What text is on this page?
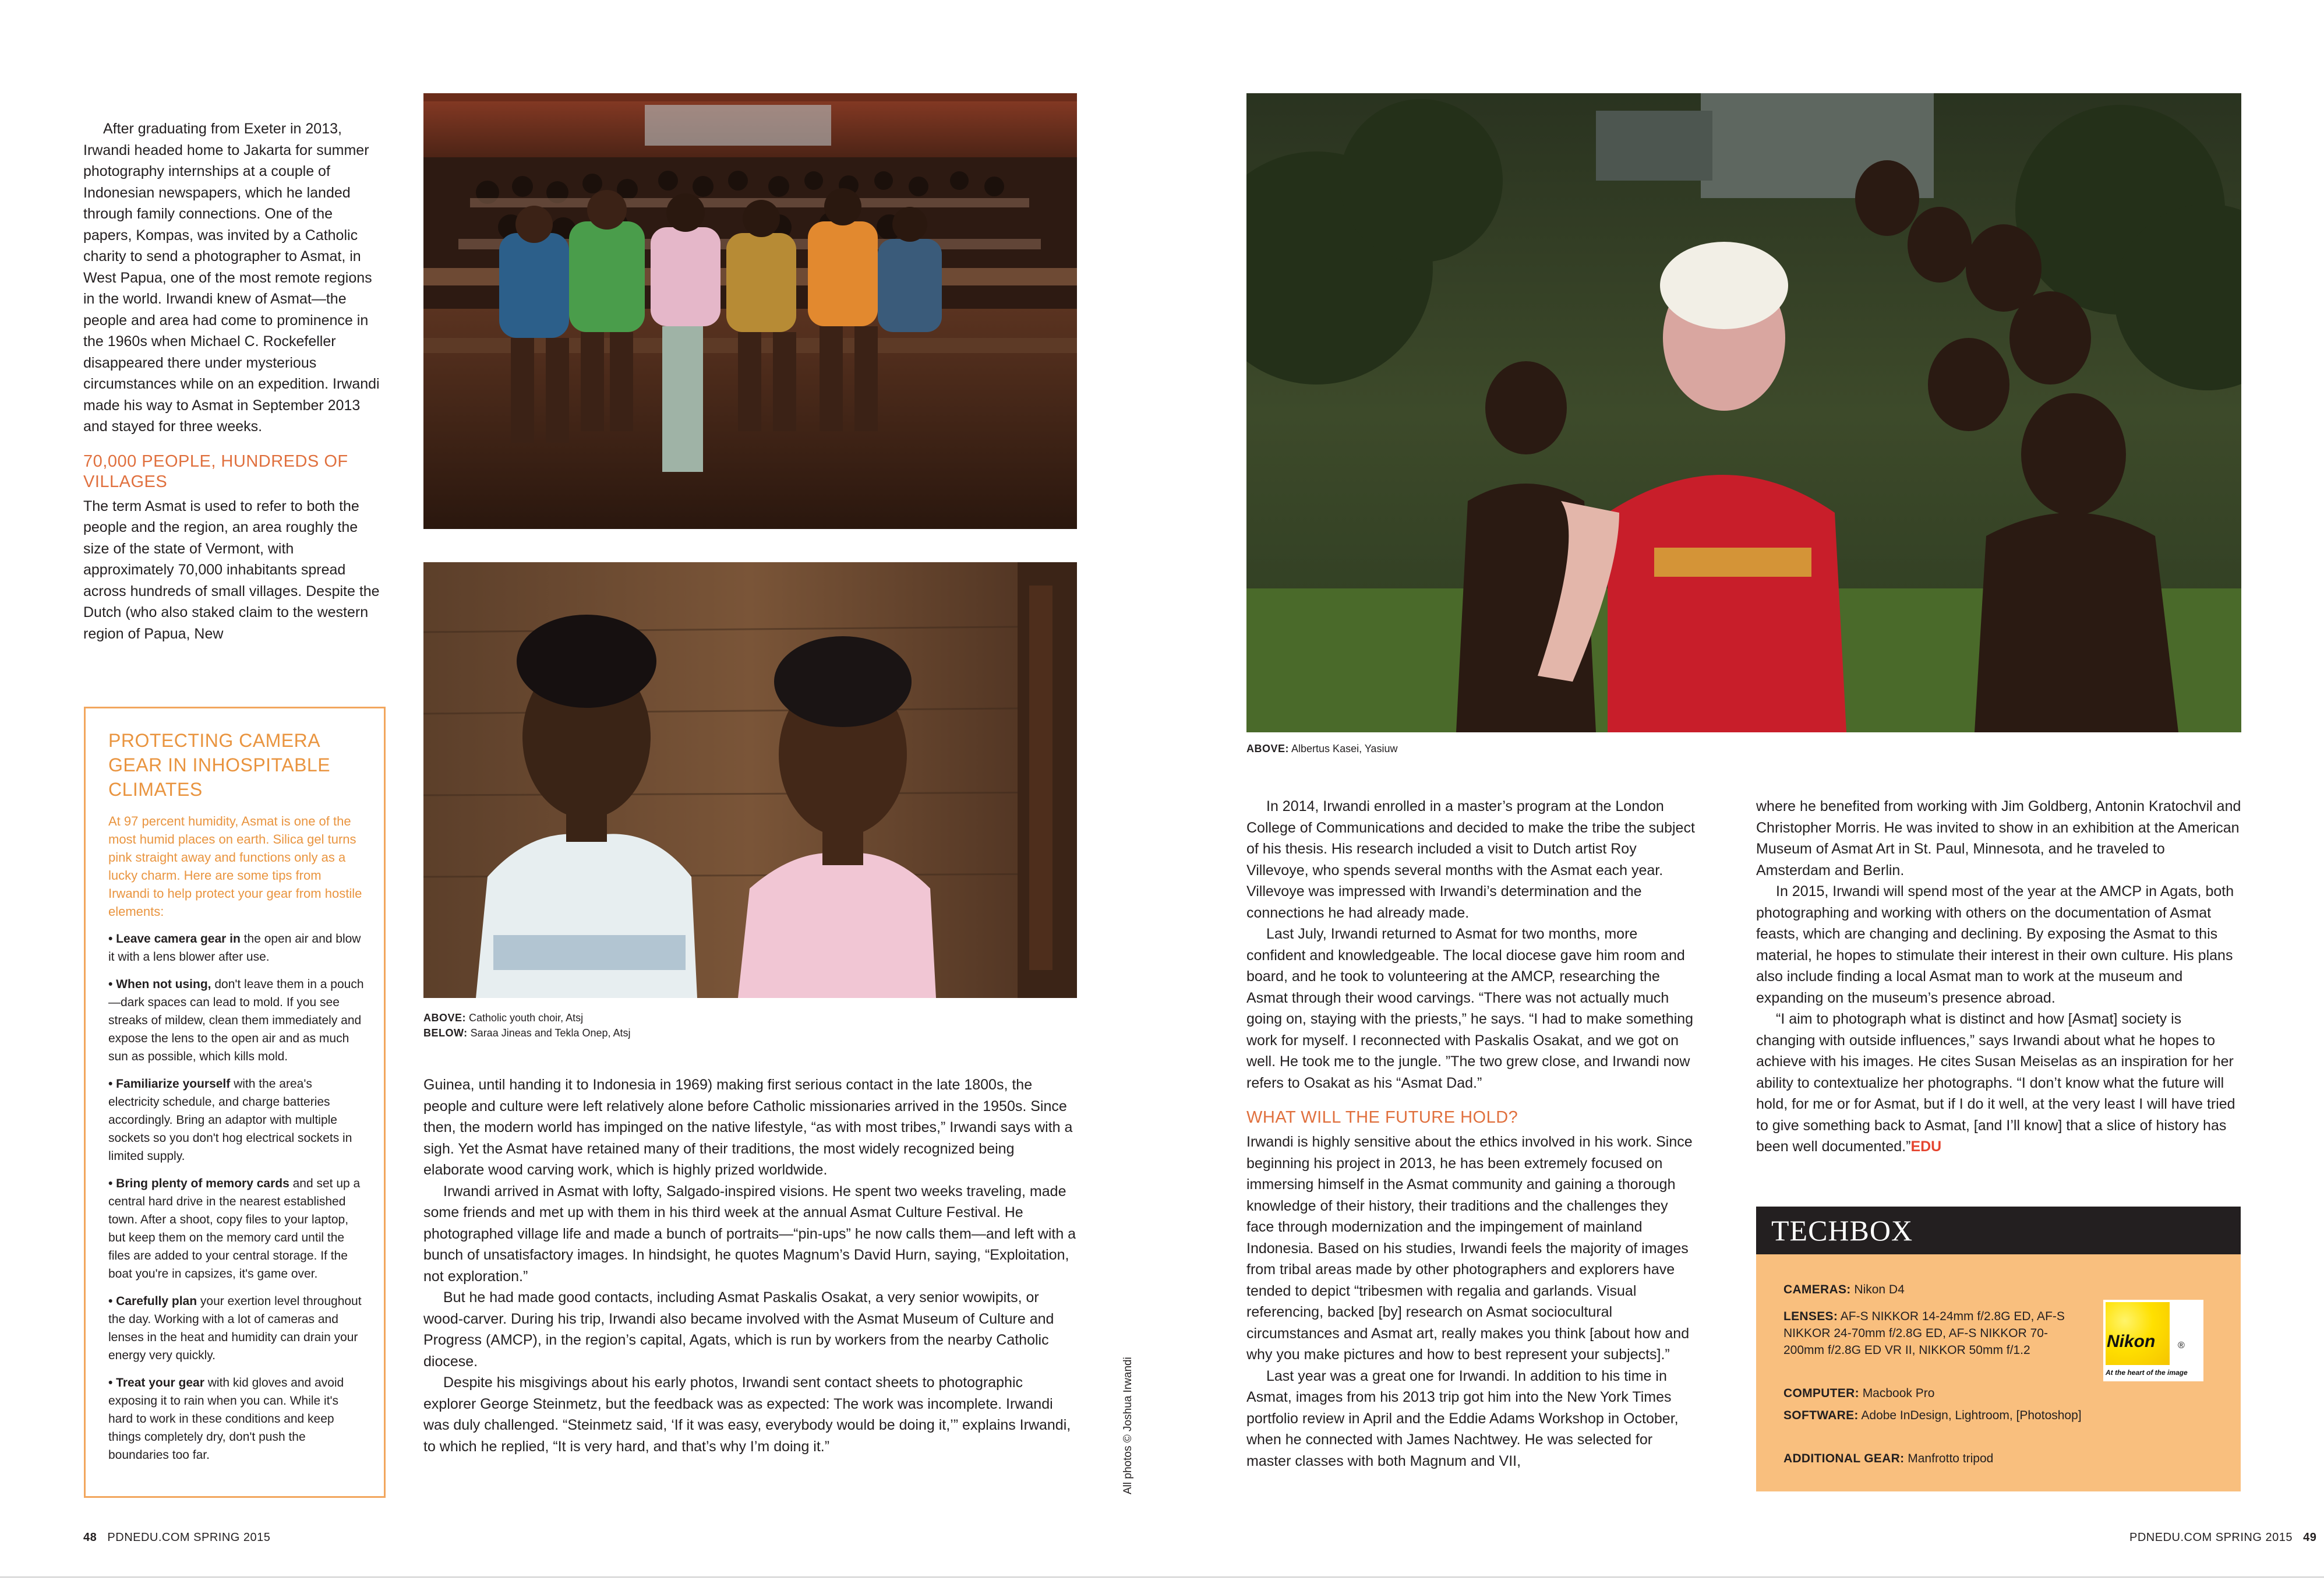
After graduating from Exeter in 2013, Irwandi headed home to Jakarta for summer photography internships at a couple of Indonesian newspapers, which he landed through family connections. One of the papers, Kompas, was invited by a Catholic charity to send a photographer to Asmat, in West Papua, one of the most remote regions in the world. Irwandi knew of Asmat—the people and area had come to prominence in the 1960s when Michael C. Rockefeller disappeared there under mysterious circumstances while on an expedition. Irwandi made his way to Asmat in September 2013 and stayed for three weeks.

70,000 PEOPLE, HUNDREDS OF VILLAGES

The term Asmat is used to refer to both the people and the region, an area roughly the size of the state of Vermont, with approximately 70,000 inhabitants spread across hundreds of small villages. Despite the Dutch (who also staked claim to the western region of Papua, New

PROTECTING CAMERA GEAR IN INHOSPITABLE CLIMATES
At 97 percent humidity, Asmat is one of the most humid places on earth. Silica gel turns pink straight away and functions only as a lucky charm. Here are some tips from Irwandi to help protect your gear from hostile elements:
• Leave camera gear in the open air and blow it with a lens blower after use.
• When not using, don't leave them in a pouch—dark spaces can lead to mold. If you see streaks of mildew, clean them immediately and expose the lens to the open air and as much sun as possible, which kills mold.
• Familiarize yourself with the area's electricity schedule, and charge batteries accordingly. Bring an adaptor with multiple sockets so you don't hog electrical sockets in limited supply.
• Bring plenty of memory cards and set up a central hard drive in the nearest established town. After a shoot, copy files to your laptop, but keep them on the memory card until the files are added to your central storage. If the boat you're in capsizes, it's game over.
• Carefully plan your exertion level throughout the day. Working with a lot of cameras and lenses in the heat and humidity can drain your energy very quickly.
• Treat your gear with kid gloves and avoid exposing it to rain when you can. While it's hard to work in these conditions and keep things completely dry, don't push the boundaries too far.
ABOVE: Catholic youth choir, Atsj
BELOW: Saraa Jineas and Tekla Onep, Atsj

Guinea, until handing it to Indonesia in 1969) making first serious contact in the late 1800s, the people and culture were left relatively alone before Catholic missionaries arrived in the 1950s. Since then, the modern world has impinged on the native lifestyle, “as with most tribes,” Irwandi says with a sigh. Yet the Asmat have retained many of their traditions, the most widely recognized being elaborate wood carving work, which is highly prized worldwide.

Irwandi arrived in Asmat with lofty, Salgado-inspired visions. He spent two weeks traveling, made some friends and met up with them in his third week at the annual Asmat Culture Festival. He photographed village life and made a bunch of portraits—“pin-ups” he now calls them—and left with a bunch of unsatisfactory images. In hindsight, he quotes Magnum’s David Hurn, saying, “Exploitation, not exploration.”

But he had made good contacts, including Asmat Paskalis Osakat, a very senior wowipits, or wood-carver. During his trip, Irwandi also became involved with the Asmat Museum of Culture and Progress (AMCP), in the region’s capital, Agats, which is run by workers from the nearby Catholic diocese.

Despite his misgivings about his early photos, Irwandi sent contact sheets to photographic explorer George Steinmetz, but the feedback was as expected: The work was incomplete. Irwandi was duly challenged. “Steinmetz said, ‘If it was easy, everybody would be doing it,’” explains Irwandi, to which he replied, “It is very hard, and that’s why I’m doing it.”	All photos © Joshua Irwandi
48 PDNEDU.COM SPRING 2015
ABOVE: Albertus Kasei, Yasiuw

In 2014, Irwandi enrolled in a master’s program at the London College of Communications and decided to make the tribe the subject of his thesis. His research included a visit to Dutch artist Roy Villevoye, who spends several months with the Asmat each year. Villevoye was impressed with Irwandi’s determination and the connections he had already made.

Last July, Irwandi returned to Asmat for two months, more confident and knowledgeable. The local diocese gave him room and board, and he took to volunteering at the AMCP, researching the Asmat through their wood carvings. “There was not actually much going on, staying with the priests,” he says. “I had to make something work for myself. I reconnected with Paskalis Osakat, and we got on well. He took me to the jungle. ”The two grew close, and Irwandi now refers to Osakat as his “Asmat Dad.”

WHAT WILL THE FUTURE HOLD?

Irwandi is highly sensitive about the ethics involved in his work. Since beginning his project in 2013, he has been extremely focused on immersing himself in the Asmat community and gaining a thorough knowledge of their history, their traditions and the challenges they face through modernization and the impingement of mainland Indonesia. Based on his studies, Irwandi feels the majority of images from tribal areas made by other photographers and explorers have tended to depict “tribesmen with regalia and garlands. Visual referencing, backed [by] research on Asmat sociocultural circumstances and Asmat art, really makes you think [about how and why you make pictures and how to best represent your subjects].”

Last year was a great one for Irwandi. In addition to his time in Asmat, images from his 2013 trip got him into the New York Times portfolio review in April and the Eddie Adams Workshop in October, when he connected with James Nachtwey. He was selected for master classes with both Magnum and VII,

where he benefited from working with Jim Goldberg, Antonin Kratochvil and Christopher Morris. He was invited to show in an exhibition at the American Museum of Asmat Art in St. Paul, Minnesota, and he traveled to Amsterdam and Berlin.

In 2015, Irwandi will spend most of the year at the AMCP in Agats, both photographing and working with others on the documentation of Asmat feasts, which are changing and declining. By exposing the Asmat to this material, he hopes to stimulate their interest in their own culture. His plans also include finding a local Asmat man to work at the museum and expanding on the museum’s presence abroad.

“I aim to photograph what is distinct and how [Asmat] society is changing with outside influences,” says Irwandi about what he hopes to achieve with his images. He cites Susan Meiselas as an inspiration for her ability to contextualize her photographs. “I don’t know what the future will hold, for me or for Asmat, but if I do it well, at the very least I will have tried to give something back to Asmat, [and I’ll know] that a slice of history has been well documented.”EDU

TECHBOX
CAMERAS: Nikon D4
LENSES: AF-S NIKKOR 14-24mm f/2.8G ED, AF-S NIKKOR 24-70mm f/2.8G ED, AF-S NIKKOR 70-200mm f/2.8G ED VR II, NIKKOR 50mm f/1.2
COMPUTER: Macbook Pro
SOFTWARE: Adobe InDesign, Lightroom, [Photoshop]
ADDITIONAL GEAR: Manfrotto tripod
Nikon ®
At the heart of the image
PDNEDU.COM SPRING 2015 49
